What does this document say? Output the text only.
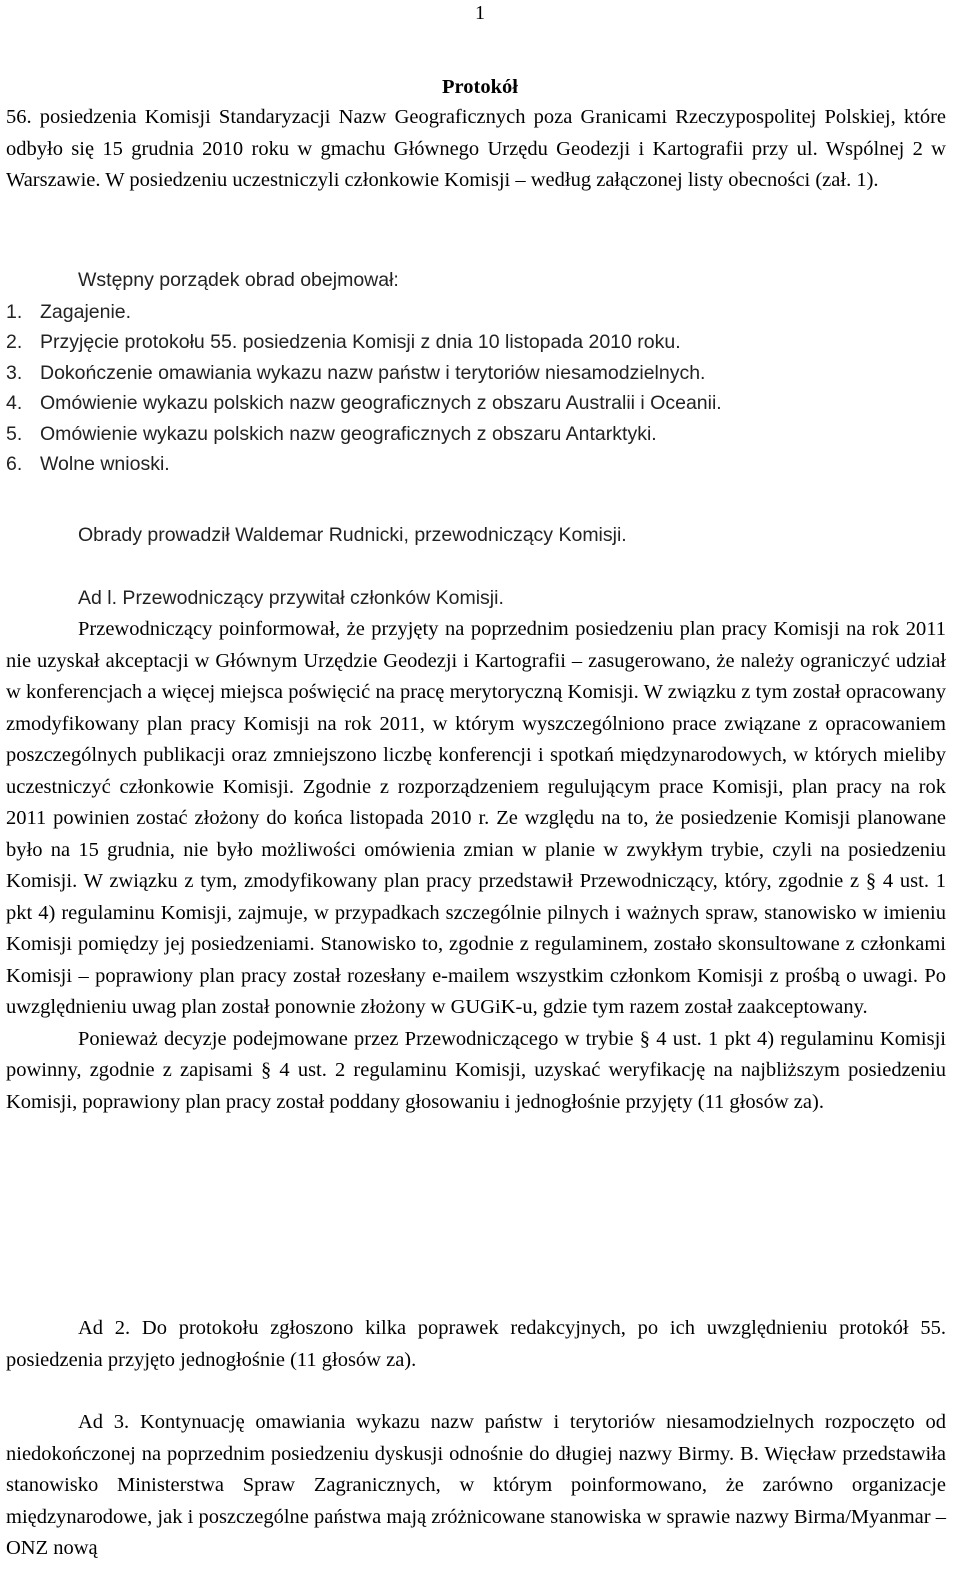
1
Protokół

56. posiedzenia Komisji Standaryzacji Nazw Geograficznych poza Granicami Rzeczypospolitej Polskiej, które odbyło się 15 grudnia 2010 roku w gmachu Głównego Urzędu Geodezji i Kartografii przy ul. Wspólnej 2 w Warszawie. W posiedzeniu uczestniczyli członkowie Komisji – według załączonej listy obecności (zał. 1).

Wstępny porządek obrad obejmował:
1. Zagajenie.
2. Przyjęcie protokołu 55. posiedzenia Komisji z dnia 10 listopada 2010 roku.
3. Dokończenie omawiania wykazu nazw państw i terytoriów niesamodzielnych.
4. Omówienie wykazu polskich nazw geograficznych z obszaru Australii i Oceanii.
5. Omówienie wykazu polskich nazw geograficznych z obszaru Antarktyki.
6. Wolne wnioski.
Obrady prowadził Waldemar Rudnicki, przewodniczący Komisji.
Ad l. Przewodniczący przywitał członków Komisji.

Przewodniczący poinformował, że przyjęty na poprzednim posiedzeniu plan pracy Komisji na rok 2011 nie uzyskał akceptacji w Głównym Urzędzie Geodezji i Kartografii – zasugerowano, że należy ograniczyć udział w konferencjach a więcej miejsca poświęcić na pracę merytoryczną Komisji. W związku z tym został opracowany zmodyfikowany plan pracy Komisji na rok 2011, w którym wyszczególniono prace związane z opracowaniem poszczególnych publikacji oraz zmniejszono liczbę konferencji i spotkań międzynarodowych, w których mieliby uczestniczyć członkowie Komisji. Zgodnie z rozporządzeniem regulującym prace Komisji, plan pracy na rok 2011 powinien zostać złożony do końca listopada 2010 r. Ze względu na to, że posiedzenie Komisji planowane było na 15 grudnia, nie było możliwości omówienia zmian w planie w zwykłym trybie, czyli na posiedzeniu Komisji. W związku z tym, zmodyfikowany plan pracy przedstawił Przewodniczący, który, zgodnie z § 4 ust. 1 pkt 4) regulaminu Komisji, zajmuje, w przypadkach szczególnie pilnych i ważnych spraw, stanowisko w imieniu Komisji pomiędzy jej posiedzeniami. Stanowisko to, zgodnie z regulaminem, zostało skonsultowane z członkami Komisji – poprawiony plan pracy został rozesłany e-mailem wszystkim członkom Komisji z prośbą o uwagi. Po uwzględnieniu uwag plan został ponownie złożony w GUGiK-u, gdzie tym razem został zaakceptowany.

Ponieważ decyzje podejmowane przez Przewodniczącego w trybie § 4 ust. 1 pkt 4) regulaminu Komisji powinny, zgodnie z zapisami § 4 ust. 2 regulaminu Komisji, uzyskać weryfikację na najbliższym posiedzeniu Komisji, poprawiony plan pracy został poddany głosowaniu i jednogłośnie przyjęty (11 głosów za).

Ad 2. Do protokołu zgłoszono kilka poprawek redakcyjnych, po ich uwzględnieniu protokół 55. posiedzenia przyjęto jednogłośnie (11 głosów za).

Ad 3. Kontynuację omawiania wykazu nazw państw i terytoriów niesamodzielnych rozpoczęto od niedokończonej na poprzednim posiedzeniu dyskusji odnośnie do długiej nazwy Birmy. B. Więcław przedstawiła stanowisko Ministerstwa Spraw Zagranicznych, w którym poinformowano, że zarówno organizacje międzynarodowe, jak i poszczególne państwa mają zróżnicowane stanowiska w sprawie nazwy Birma/Myanmar – ONZ nową
